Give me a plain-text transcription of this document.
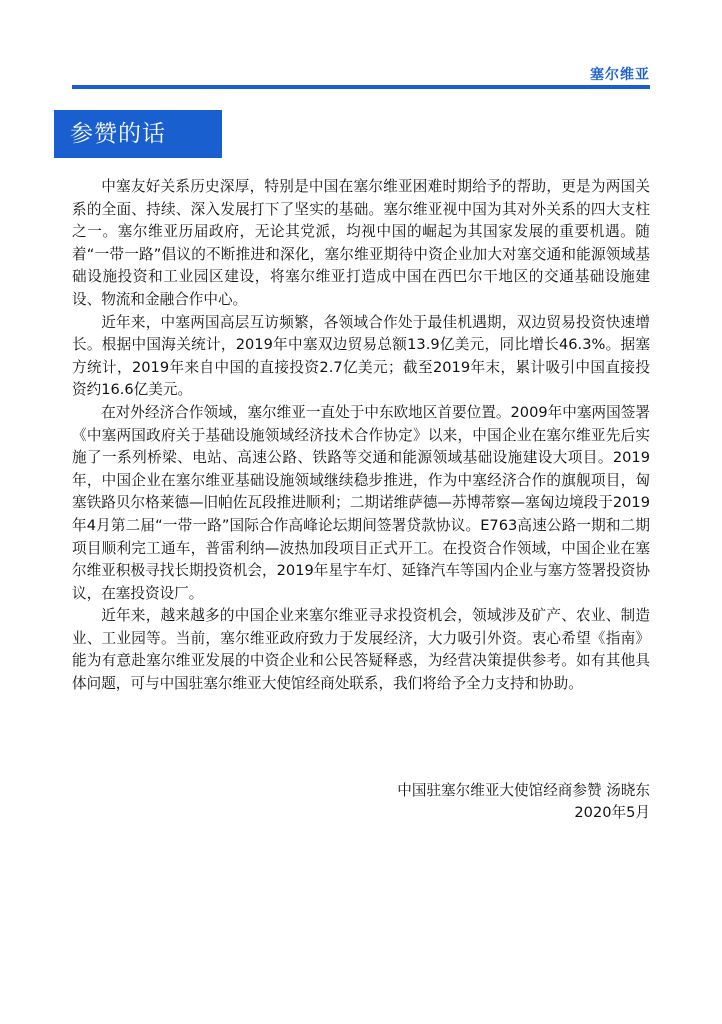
塞尔维亚
参赞的话

中塞友好关系历史深厚，特别是中国在塞尔维亚困难时期给予的帮助，更是为两国关系的全面、持续、深入发展打下了坚实的基础。塞尔维亚视中国为其对外关系的四大支柱之一。塞尔维亚历届政府，无论其党派，均视中国的崛起为其国家发展的重要机遇。随着“一带一路”倡议的不断推进和深化，塞尔维亚期待中资企业加大对塞交通和能源领域基础设施投资和工业园区建设，将塞尔维亚打造成中国在西巴尔干地区的交通基础设施建设、物流和金融合作中心。

近年来，中塞两国高层互访频繁，各领域合作处于最佳机遇期，双边贸易投资快速增长。根据中国海关统计，2019年中塞双边贸易总额13.9亿美元，同比增长46.3%。据塞方统计，2019年来自中国的直接投资2.7亿美元；截至2019年末，累计吸引中国直接投资约16.6亿美元。

在对外经济合作领域，塞尔维亚一直处于中东欧地区首要位置。2009年中塞两国签署《中塞两国政府关于基础设施领域经济技术合作协定》以来，中国企业在塞尔维亚先后实施了一系列桥梁、电站、高速公路、铁路等交通和能源领域基础设施建设大项目。2019年，中国企业在塞尔维亚基础设施领域继续稳步推进，作为中塞经济合作的旗舰项目，匈塞铁路贝尔格莱德—旧帕佐瓦段推进顺利；二期诺维萨德—苏博蒂察—塞匈边境段于2019年4月第二届“一带一路”国际合作高峰论坛期间签署贷款协议。E763高速公路一期和二期项目顺利完工通车，普雷利纳—波热加段项目正式开工。在投资合作领域，中国企业在塞尔维亚积极寻找长期投资机会，2019年星宇车灯、延锋汽车等国内企业与塞方签署投资协议，在塞投资设厂。

近年来，越来越多的中国企业来塞尔维亚寻求投资机会，领域涉及矿产、农业、制造业、工业园等。当前，塞尔维亚政府致力于发展经济，大力吸引外资。衷心希望《指南》能为有意赴塞尔维亚发展的中资企业和公民答疑释惑，为经营决策提供参考。如有其他具体问题，可与中国驻塞尔维亚大使馆经商处联系，我们将给予全力支持和协助。

中国驻塞尔维亚大使馆经商参赞 汤晓东
2020年5月
